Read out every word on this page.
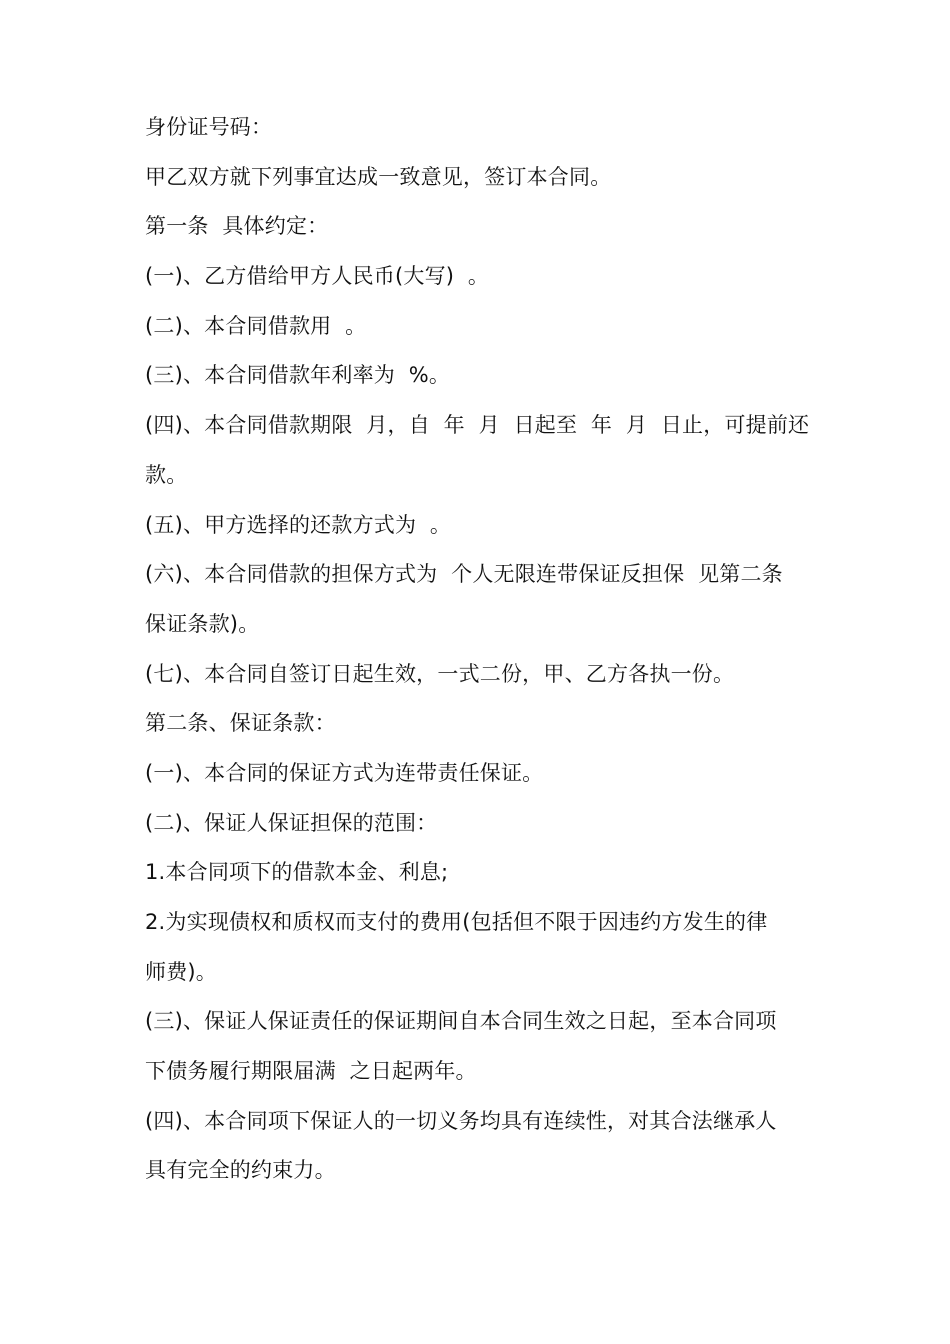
身份证号码：
甲乙双方就下列事宜达成一致意见，签订本合同。
第一条  具体约定：
(一)、乙方借给甲方人民币(大写)  。
(二)、本合同借款用  。
(三)、本合同借款年利率为  %。
(四)、本合同借款期限  月，自  年  月  日起至  年  月  日止，可提前还
款。
(五)、甲方选择的还款方式为  。
(六)、本合同借款的担保方式为  个人无限连带保证反担保  见第二条
保证条款)。
(七)、本合同自签订日起生效，一式二份，甲、乙方各执一份。
第二条、保证条款：
(一)、本合同的保证方式为连带责任保证。
(二)、保证人保证担保的范围：
1.本合同项下的借款本金、利息;
2.为实现债权和质权而支付的费用(包括但不限于因违约方发生的律
师费)。
(三)、保证人保证责任的保证期间自本合同生效之日起，至本合同项
下债务履行期限届满  之日起两年。
(四)、本合同项下保证人的一切义务均具有连续性，对其合法继承人
具有完全的约束力。
